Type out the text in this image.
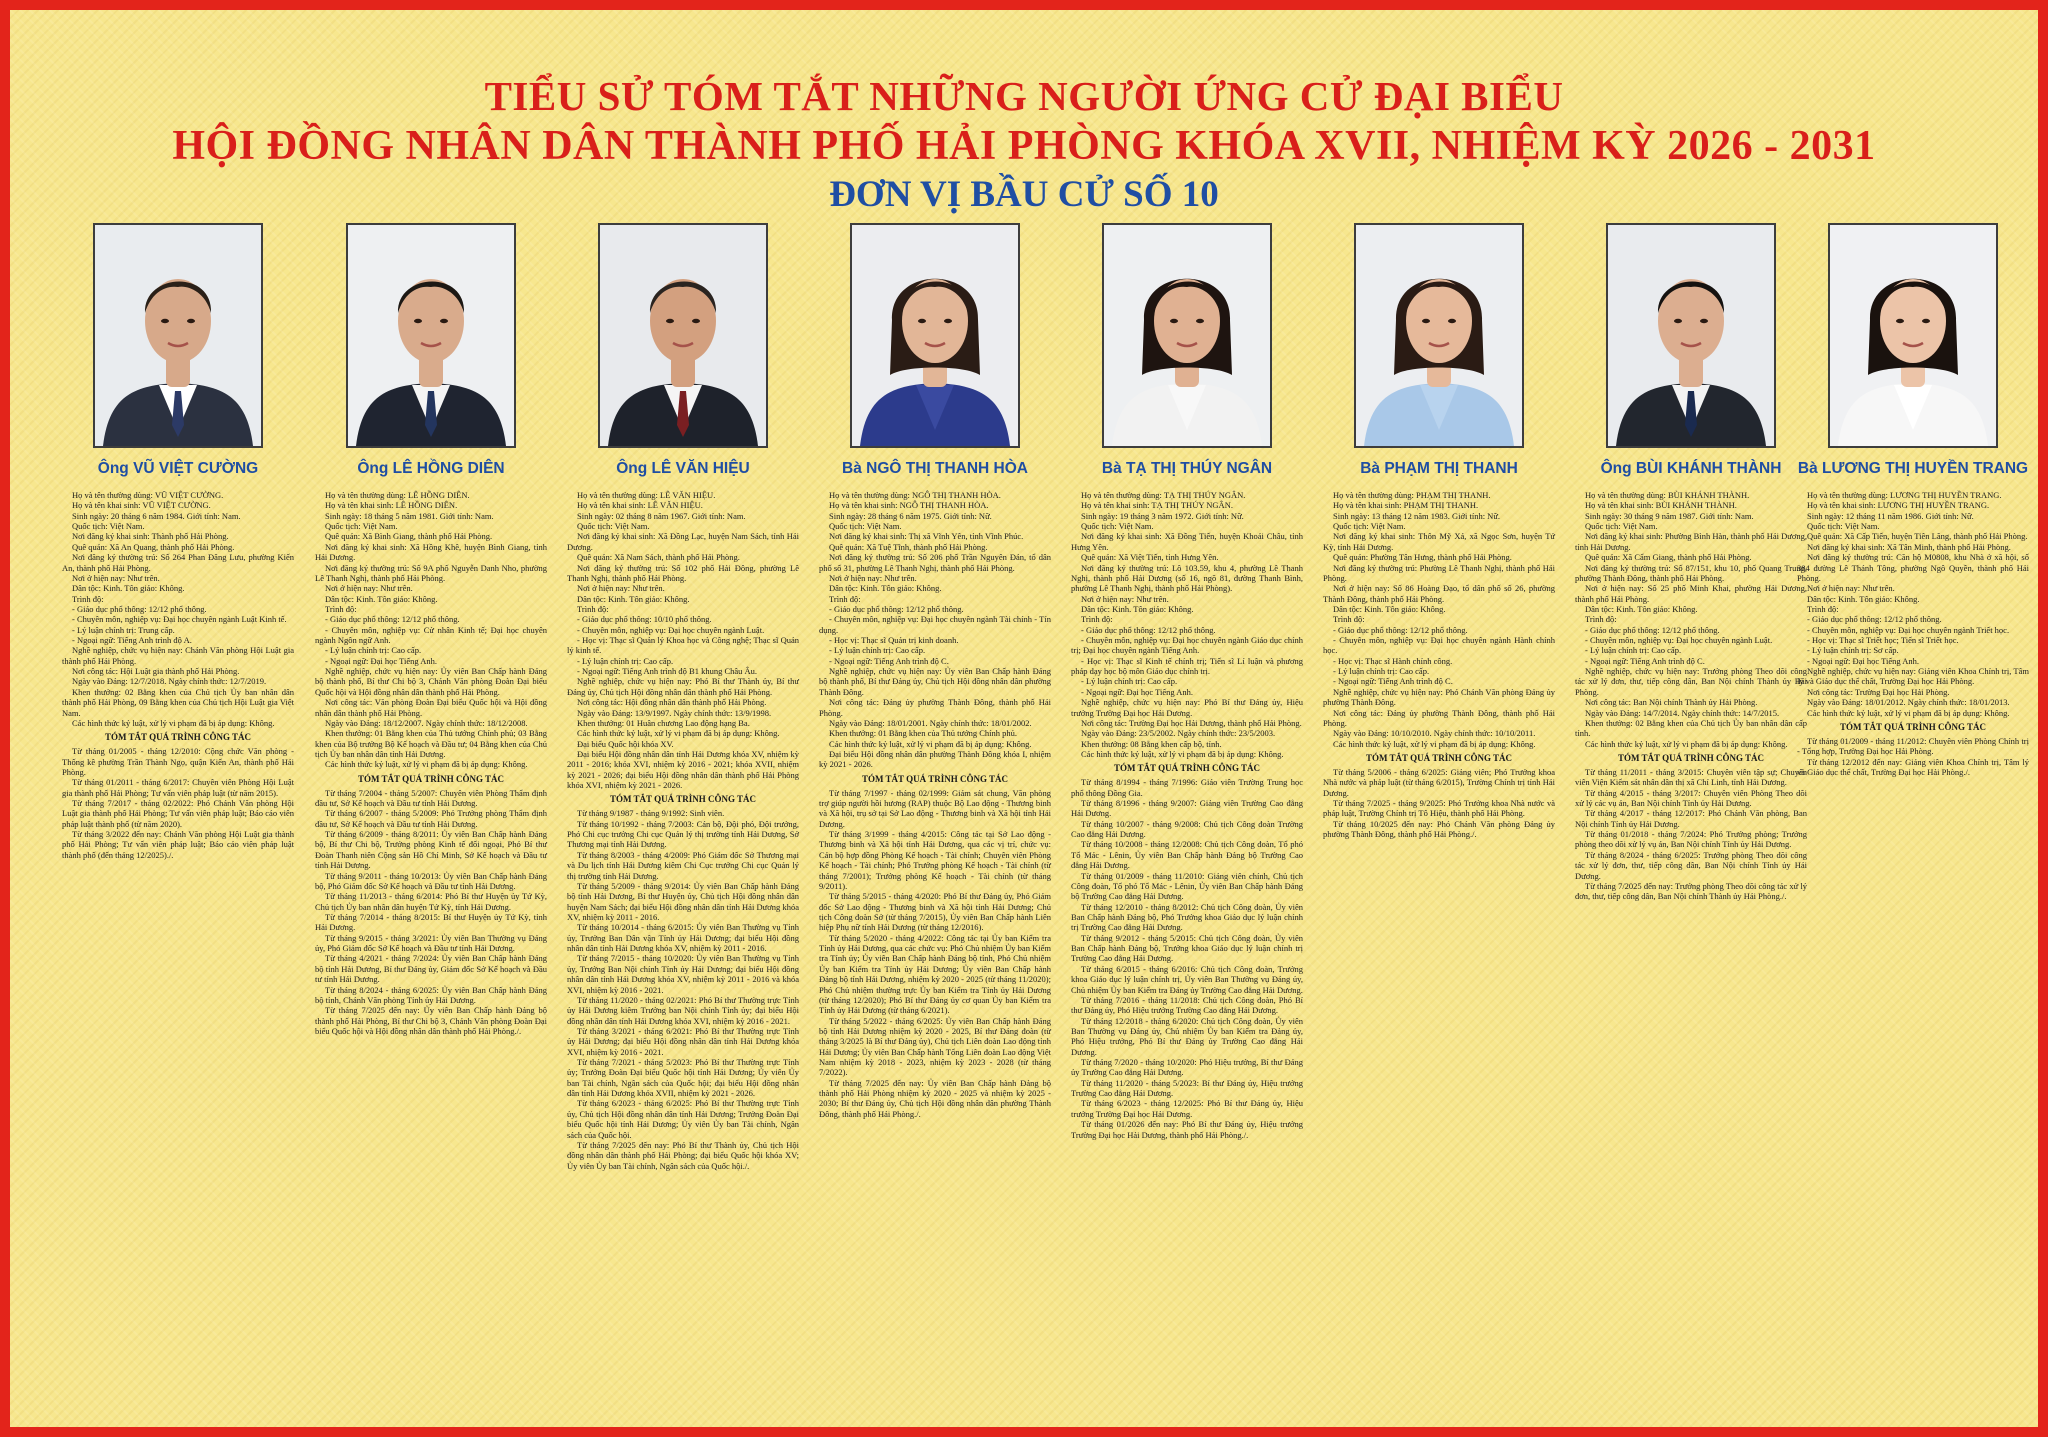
TIỂU SỬ TÓM TẮT NHỮNG NGƯỜI ỨNG CỬ ĐẠI BIỂU
HỘI ĐỒNG NHÂN DÂN THÀNH PHỐ HẢI PHÒNG KHÓA XVII, NHIỆM KỲ 2026 - 2031
ĐƠN VỊ BẦU CỬ SỐ 10
Ông VŨ VIỆT CƯỜNG

Họ và tên thường dùng: VŨ VIỆT CƯỜNG.

Họ và tên khai sinh: VŨ VIỆT CƯỜNG.

Sinh ngày: 20 tháng 6 năm 1984. Giới tính: Nam.

Quốc tịch: Việt Nam.

Nơi đăng ký khai sinh: Thành phố Hải Phòng.

Quê quán: Xã An Quang, thành phố Hải Phòng.

Nơi đăng ký thường trú: Số 264 Phan Đăng Lưu, phường Kiến An, thành phố Hải Phòng.

Nơi ở hiện nay: Như trên.

Dân tộc: Kinh. Tôn giáo: Không.

Trình độ:

- Giáo dục phổ thông: 12/12 phổ thông.

- Chuyên môn, nghiệp vụ: Đại học chuyên ngành Luật Kinh tế.

- Lý luận chính trị: Trung cấp.

- Ngoại ngữ: Tiếng Anh trình độ A.

Nghề nghiệp, chức vụ hiện nay: Chánh Văn phòng Hội Luật gia thành phố Hải Phòng.

Nơi công tác: Hội Luật gia thành phố Hải Phòng.

Ngày vào Đảng: 12/7/2018. Ngày chính thức: 12/7/2019.

Khen thưởng: 02 Bằng khen của Chủ tịch Ủy ban nhân dân thành phố Hải Phòng, 09 Bằng khen của Chủ tịch Hội Luật gia Việt Nam.

Các hình thức kỷ luật, xử lý vi phạm đã bị áp dụng: Không.

TÓM TẮT QUÁ TRÌNH CÔNG TÁC

Từ tháng 01/2005 - tháng 12/2010: Cộng chức Văn phòng - Thống kê phường Trần Thành Ngọ, quận Kiến An, thành phố Hải Phòng.

Từ tháng 01/2011 - tháng 6/2017: Chuyên viên Phòng Hội Luật gia thành phố Hải Phòng; Tư vấn viên pháp luật (từ năm 2015).

Từ tháng 7/2017 - tháng 02/2022: Phó Chánh Văn phòng Hội Luật gia thành phố Hải Phòng; Tư vấn viên pháp luật; Báo cáo viên pháp luật thành phố (từ năm 2020).

Từ tháng 3/2022 đến nay: Chánh Văn phòng Hội Luật gia thành phố Hải Phòng; Tư vấn viên pháp luật; Báo cáo viên pháp luật thành phố (đến tháng 12/2025)./.

Ông LÊ HỒNG DIÊN

Họ và tên thường dùng: LÊ HỒNG DIÊN.

Họ và tên khai sinh: LÊ HỒNG DIÊN.

Sinh ngày: 18 tháng 5 năm 1981. Giới tính: Nam.

Quốc tịch: Việt Nam.

Quê quán: Xã Bình Giang, thành phố Hải Phòng.

Nơi đăng ký khai sinh: Xã Hồng Khê, huyện Bình Giang, tỉnh Hải Dương.

Nơi đăng ký thường trú: Số 9A phố Nguyễn Danh Nho, phường Lê Thanh Nghị, thành phố Hải Phòng.

Nơi ở hiện nay: Như trên.

Dân tộc: Kinh. Tôn giáo: Không.

Trình độ:

- Giáo dục phổ thông: 12/12 phổ thông.

- Chuyên môn, nghiệp vụ: Cử nhân Kinh tế; Đại học chuyên ngành Ngôn ngữ Anh.

- Lý luận chính trị: Cao cấp.

- Ngoại ngữ: Đại học Tiếng Anh.

Nghề nghiệp, chức vụ hiện nay: Ủy viên Ban Chấp hành Đảng bộ thành phố, Bí thư Chi bộ 3, Chánh Văn phòng Đoàn Đại biểu Quốc hội và Hội đồng nhân dân thành phố Hải Phòng.

Nơi công tác: Văn phòng Đoàn Đại biểu Quốc hội và Hội đồng nhân dân thành phố Hải Phòng.

Ngày vào Đảng: 18/12/2007. Ngày chính thức: 18/12/2008.

Khen thưởng: 01 Bằng khen của Thủ tướng Chính phủ; 03 Bằng khen của Bộ trưởng Bộ Kế hoạch và Đầu tư; 04 Bằng khen của Chủ tịch Ủy ban nhân dân tỉnh Hải Dương.

Các hình thức kỷ luật, xử lý vi phạm đã bị áp dụng: Không.

TÓM TẮT QUÁ TRÌNH CÔNG TÁC

Từ tháng 7/2004 - tháng 5/2007: Chuyên viên Phòng Thẩm định đầu tư, Sở Kế hoạch và Đầu tư tỉnh Hải Dương.

Từ tháng 6/2007 - tháng 5/2009: Phó Trưởng phòng Thẩm định đầu tư, Sở Kế hoạch và Đầu tư tỉnh Hải Dương.

Từ tháng 6/2009 - tháng 8/2011: Ủy viên Ban Chấp hành Đảng bộ, Bí thư Chi bộ, Trưởng phòng Kinh tế đối ngoại, Phó Bí thư Đoàn Thanh niên Cộng sản Hồ Chí Minh, Sở Kế hoạch và Đầu tư tỉnh Hải Dương.

Từ tháng 9/2011 - tháng 10/2013: Ủy viên Ban Chấp hành Đảng bộ, Phó Giám đốc Sở Kế hoạch và Đầu tư tỉnh Hải Dương.

Từ tháng 11/2013 - tháng 6/2014: Phó Bí thư Huyện ủy Tứ Kỳ, Chủ tịch Ủy ban nhân dân huyện Tứ Kỳ, tỉnh Hải Dương.

Từ tháng 7/2014 - tháng 8/2015: Bí thư Huyện ủy Tứ Kỳ, tỉnh Hải Dương.

Từ tháng 9/2015 - tháng 3/2021: Ủy viên Ban Thường vụ Đảng ủy, Phó Giám đốc Sở Kế hoạch và Đầu tư tỉnh Hải Dương.

Từ tháng 4/2021 - tháng 7/2024: Ủy viên Ban Chấp hành Đảng bộ tỉnh Hải Dương, Bí thư Đảng ủy, Giám đốc Sở Kế hoạch và Đầu tư tỉnh Hải Dương.

Từ tháng 8/2024 - tháng 6/2025: Ủy viên Ban Chấp hành Đảng bộ tỉnh, Chánh Văn phòng Tỉnh ủy Hải Dương.

Từ tháng 7/2025 đến nay: Ủy viên Ban Chấp hành Đảng bộ thành phố Hải Phòng, Bí thư Chi bộ 3, Chánh Văn phòng Đoàn Đại biểu Quốc hội và Hội đồng nhân dân thành phố Hải Phòng./.

Ông LÊ VĂN HIỆU

Họ và tên thường dùng: LÊ VĂN HIỆU.

Họ và tên khai sinh: LÊ VĂN HIỆU.

Sinh ngày: 02 tháng 8 năm 1967. Giới tính: Nam.

Quốc tịch: Việt Nam.

Nơi đăng ký khai sinh: Xã Đồng Lạc, huyện Nam Sách, tỉnh Hải Dương.

Quê quán: Xã Nam Sách, thành phố Hải Phòng.

Nơi đăng ký thường trú: Số 102 phố Hải Đông, phường Lê Thanh Nghị, thành phố Hải Phòng.

Nơi ở hiện nay: Như trên.

Dân tộc: Kinh. Tôn giáo: Không.

Trình độ:

- Giáo dục phổ thông: 10/10 phổ thông.

- Chuyên môn, nghiệp vụ: Đại học chuyên ngành Luật.

- Học vị: Thạc sĩ Quản lý Khoa học và Công nghệ; Thạc sĩ Quản lý kinh tế.

- Lý luận chính trị: Cao cấp.

- Ngoại ngữ: Tiếng Anh trình độ B1 khung Châu Âu.

Nghề nghiệp, chức vụ hiện nay: Phó Bí thư Thành ủy, Bí thư Đảng ủy, Chủ tịch Hội đồng nhân dân thành phố Hải Phòng.

Nơi công tác: Hội đồng nhân dân thành phố Hải Phòng.

Ngày vào Đảng: 13/9/1997. Ngày chính thức: 13/9/1998.

Khen thưởng: 01 Huân chương Lao động hạng Ba.

Các hình thức kỷ luật, xử lý vi phạm đã bị áp dụng: Không.

Đại biểu Quốc hội khóa XV.

Đại biểu Hội đồng nhân dân tỉnh Hải Dương khóa XV, nhiệm kỳ 2011 - 2016; khóa XVI, nhiệm kỳ 2016 - 2021; khóa XVII, nhiệm kỳ 2021 - 2026; đại biểu Hội đồng nhân dân thành phố Hải Phòng khóa XVI, nhiệm kỳ 2021 - 2026.

TÓM TẮT QUÁ TRÌNH CÔNG TÁC

Từ tháng 9/1987 - tháng 9/1992: Sinh viên.

Từ tháng 10/1992 - tháng 7/2003: Cán bộ, Đội phó, Đội trưởng, Phó Chi cục trưởng Chi cục Quản lý thị trường tỉnh Hải Dương, Sở Thương mại tỉnh Hải Dương.

Từ tháng 8/2003 - tháng 4/2009: Phó Giám đốc Sở Thương mại và Du lịch tỉnh Hải Dương kiêm Chi Cục trưởng Chi cục Quản lý thị trường tỉnh Hải Dương.

Từ tháng 5/2009 - tháng 9/2014: Ủy viên Ban Chấp hành Đảng bộ tỉnh Hải Dương, Bí thư Huyện ủy, Chủ tịch Hội đồng nhân dân huyện Nam Sách; đại biểu Hội đồng nhân dân tỉnh Hải Dương khóa XV, nhiệm kỳ 2011 - 2016.

Từ tháng 10/2014 - tháng 6/2015: Ủy viên Ban Thường vụ Tỉnh ủy, Trưởng Ban Dân vận Tỉnh ủy Hải Dương; đại biểu Hội đồng nhân dân tỉnh Hải Dương khóa XV, nhiệm kỳ 2011 - 2016.

Từ tháng 7/2015 - tháng 10/2020: Ủy viên Ban Thường vụ Tỉnh ủy, Trưởng Ban Nội chính Tỉnh ủy Hải Dương; đại biểu Hội đồng nhân dân tỉnh Hải Dương khóa XV, nhiệm kỳ 2011 - 2016 và khóa XVI, nhiệm kỳ 2016 - 2021.

Từ tháng 11/2020 - tháng 02/2021: Phó Bí thư Thường trực Tỉnh ủy Hải Dương kiêm Trưởng ban Nội chính Tỉnh ủy; đại biểu Hội đồng nhân dân tỉnh Hải Dương khóa XVI, nhiệm kỳ 2016 - 2021.

Từ tháng 3/2021 - tháng 6/2021: Phó Bí thư Thường trực Tỉnh ủy Hải Dương; đại biểu Hội đồng nhân dân tỉnh Hải Dương khóa XVI, nhiệm kỳ 2016 - 2021.

Từ tháng 7/2021 - tháng 5/2023: Phó Bí thư Thường trực Tỉnh ủy; Trưởng Đoàn Đại biểu Quốc hội tỉnh Hải Dương; Ủy viên Ủy ban Tài chính, Ngân sách của Quốc hội; đại biểu Hội đồng nhân dân tỉnh Hải Dương khóa XVII, nhiệm kỳ 2021 - 2026.

Từ tháng 6/2023 - tháng 6/2025: Phó Bí thư Thường trực Tỉnh ủy, Chủ tịch Hội đồng nhân dân tỉnh Hải Dương; Trưởng Đoàn Đại biểu Quốc hội tỉnh Hải Dương; Ủy viên Ủy ban Tài chính, Ngân sách của Quốc hội.

Từ tháng 7/2025 đến nay: Phó Bí thư Thành ủy, Chủ tịch Hội đồng nhân dân thành phố Hải Phòng; đại biểu Quốc hội khóa XV; Ủy viên Ủy ban Tài chính, Ngân sách của Quốc hội./.

Bà NGÔ THỊ THANH HÒA

Họ và tên thường dùng: NGÔ THỊ THANH HÒA.

Họ và tên khai sinh: NGÔ THỊ THANH HÒA.

Sinh ngày: 28 tháng 6 năm 1975. Giới tính: Nữ.

Quốc tịch: Việt Nam.

Nơi đăng ký khai sinh: Thị xã Vĩnh Yên, tỉnh Vĩnh Phúc.

Quê quán: Xã Tuệ Tĩnh, thành phố Hải Phòng.

Nơi đăng ký thường trú: Số 206 phố Trần Nguyên Đán, tổ dân phố số 31, phường Lê Thanh Nghị, thành phố Hải Phòng.

Nơi ở hiện nay: Như trên.

Dân tộc: Kinh. Tôn giáo: Không.

Trình độ:

- Giáo dục phổ thông: 12/12 phổ thông.

- Chuyên môn, nghiệp vụ: Đại học chuyên ngành Tài chính - Tín dụng.

- Học vị: Thạc sĩ Quản trị kinh doanh.

- Lý luận chính trị: Cao cấp.

- Ngoại ngữ: Tiếng Anh trình độ C.

Nghề nghiệp, chức vụ hiện nay: Ủy viên Ban Chấp hành Đảng bộ thành phố, Bí thư Đảng ủy, Chủ tịch Hội đồng nhân dân phường Thành Đông.

Nơi công tác: Đảng ủy phường Thành Đông, thành phố Hải Phòng.

Ngày vào Đảng: 18/01/2001. Ngày chính thức: 18/01/2002.

Khen thưởng: 01 Bằng khen của Thủ tướng Chính phủ.

Các hình thức kỷ luật, xử lý vi phạm đã bị áp dụng: Không.

Đại biểu Hội đồng nhân dân phường Thành Đông khóa I, nhiệm kỳ 2021 - 2026.

TÓM TẮT QUÁ TRÌNH CÔNG TÁC

Từ tháng 7/1997 - tháng 02/1999: Giám sát chung, Văn phòng trợ giúp người hồi hương (RAP) thuộc Bộ Lao động - Thương binh và Xã hội, trụ sở tại Sở Lao động - Thương binh và Xã hội tỉnh Hải Dương.

Từ tháng 3/1999 - tháng 4/2015: Công tác tại Sở Lao động - Thương binh và Xã hội tỉnh Hải Dương, qua các vị trí, chức vụ: Cán bộ hợp đồng Phòng Kế hoạch - Tài chính; Chuyên viên Phòng Kế hoạch - Tài chính; Phó Trưởng phòng Kế hoạch - Tài chính (từ tháng 7/2001); Trưởng phòng Kế hoạch - Tài chính (từ tháng 9/2011).

Từ tháng 5/2015 - tháng 4/2020: Phó Bí thư Đảng ủy, Phó Giám đốc Sở Lao động - Thương binh và Xã hội tỉnh Hải Dương; Chủ tịch Công đoàn Sở (từ tháng 7/2015), Ủy viên Ban Chấp hành Liên hiệp Phụ nữ tỉnh Hải Dương (từ tháng 12/2016).

Từ tháng 5/2020 - tháng 4/2022: Công tác tại Ủy ban Kiểm tra Tỉnh ủy Hải Dương, qua các chức vụ: Phó Chủ nhiệm Ủy ban Kiểm tra Tỉnh ủy; Ủy viên Ban Chấp hành Đảng bộ tỉnh, Phó Chủ nhiệm Ủy ban Kiểm tra Tỉnh ủy Hải Dương; Ủy viên Ban Chấp hành Đảng bộ tỉnh Hải Dương, nhiệm kỳ 2020 - 2025 (từ tháng 11/2020); Phó Chủ nhiệm thường trực Ủy ban Kiểm tra Tỉnh ủy Hải Dương (từ tháng 12/2020); Phó Bí thư Đảng ủy cơ quan Ủy ban Kiểm tra Tỉnh ủy Hải Dương (từ tháng 6/2021).

Từ tháng 5/2022 - tháng 6/2025: Ủy viên Ban Chấp hành Đảng bộ tỉnh Hải Dương nhiệm kỳ 2020 - 2025, Bí thư Đảng đoàn (từ tháng 3/2025 là Bí thư Đảng ủy), Chủ tịch Liên đoàn Lao động tỉnh Hải Dương; Ủy viên Ban Chấp hành Tổng Liên đoàn Lao động Việt Nam nhiệm kỳ 2018 - 2023, nhiệm kỳ 2023 - 2028 (từ tháng 7/2022).

Từ tháng 7/2025 đến nay: Ủy viên Ban Chấp hành Đảng bộ thành phố Hải Phòng nhiệm kỳ 2020 - 2025 và nhiệm kỳ 2025 - 2030; Bí thư Đảng ủy, Chủ tịch Hội đồng nhân dân phường Thành Đông, thành phố Hải Phòng./.

Bà TẠ THỊ THÚY NGÂN

Họ và tên thường dùng: TẠ THỊ THÚY NGÂN.

Họ và tên khai sinh: TẠ THỊ THÚY NGÂN.

Sinh ngày: 19 tháng 3 năm 1972. Giới tính: Nữ.

Quốc tịch: Việt Nam.

Nơi đăng ký khai sinh: Xã Đồng Tiến, huyện Khoái Châu, tỉnh Hưng Yên.

Quê quán: Xã Việt Tiến, tỉnh Hưng Yên.

Nơi đăng ký thường trú: Lô 103.59, khu 4, phường Lê Thanh Nghị, thành phố Hải Dương (số 16, ngõ 81, đường Thanh Bình, phường Lê Thanh Nghị, thành phố Hải Phòng).

Nơi ở hiện nay: Như trên.

Dân tộc: Kinh. Tôn giáo: Không.

Trình độ:

- Giáo dục phổ thông: 12/12 phổ thông.

- Chuyên môn, nghiệp vụ: Đại học chuyên ngành Giáo dục chính trị; Đại học chuyên ngành Tiếng Anh.

- Học vị: Thạc sĩ Kinh tế chính trị; Tiến sĩ Lí luận và phương pháp dạy học bộ môn Giáo dục chính trị.

- Lý luận chính trị: Cao cấp.

- Ngoại ngữ: Đại học Tiếng Anh.

Nghề nghiệp, chức vụ hiện nay: Phó Bí thư Đảng ủy, Hiệu trưởng Trường Đại học Hải Dương.

Nơi công tác: Trường Đại học Hải Dương, thành phố Hải Phòng.

Ngày vào Đảng: 23/5/2002. Ngày chính thức: 23/5/2003.

Khen thưởng: 08 Bằng khen cấp bộ, tỉnh.

Các hình thức kỷ luật, xử lý vi phạm đã bị áp dụng: Không.

TÓM TẮT QUÁ TRÌNH CÔNG TÁC

Từ tháng 8/1994 - tháng 7/1996: Giáo viên Trường Trung học phổ thông Đồng Gia.

Từ tháng 8/1996 - tháng 9/2007: Giảng viên Trường Cao đẳng Hải Dương.

Từ tháng 10/2007 - tháng 9/2008: Chủ tịch Công đoàn Trường Cao đẳng Hải Dương.

Từ tháng 10/2008 - tháng 12/2008: Chủ tịch Công đoàn, Tổ phó Tổ Mác - Lênin, Ủy viên Ban Chấp hành Đảng bộ Trường Cao đẳng Hải Dương.

Từ tháng 01/2009 - tháng 11/2010: Giảng viên chính, Chủ tịch Công đoàn, Tổ phó Tổ Mác - Lênin, Ủy viên Ban Chấp hành Đảng bộ Trường Cao đẳng Hải Dương.

Từ tháng 12/2010 - tháng 8/2012: Chủ tịch Công đoàn, Ủy viên Ban Chấp hành Đảng bộ, Phó Trưởng khoa Giáo dục lý luận chính trị Trường Cao đẳng Hải Dương.

Từ tháng 9/2012 - tháng 5/2015: Chủ tịch Công đoàn, Ủy viên Ban Chấp hành Đảng bộ, Trưởng khoa Giáo dục lý luận chính trị Trường Cao đẳng Hải Dương.

Từ tháng 6/2015 - tháng 6/2016: Chủ tịch Công đoàn, Trưởng khoa Giáo dục lý luận chính trị, Ủy viên Ban Thường vụ Đảng ủy, Chủ nhiệm Ủy ban Kiểm tra Đảng ủy Trường Cao đẳng Hải Dương.

Từ tháng 7/2016 - tháng 11/2018: Chủ tịch Công đoàn, Phó Bí thư Đảng ủy, Phó Hiệu trưởng Trường Cao đẳng Hải Dương.

Từ tháng 12/2018 - tháng 6/2020: Chủ tịch Công đoàn, Ủy viên Ban Thường vụ Đảng ủy, Chủ nhiệm Ủy ban Kiểm tra Đảng ủy, Phó Hiệu trưởng, Phó Bí thư Đảng ủy Trường Cao đẳng Hải Dương.

Từ tháng 7/2020 - tháng 10/2020: Phó Hiệu trưởng, Bí thư Đảng ủy Trường Cao đẳng Hải Dương.

Từ tháng 11/2020 - tháng 5/2023: Bí thư Đảng ủy, Hiệu trưởng Trường Cao đẳng Hải Dương.

Từ tháng 6/2023 - tháng 12/2025: Phó Bí thư Đảng ủy, Hiệu trưởng Trường Đại học Hải Dương.

Từ tháng 01/2026 đến nay: Phó Bí thư Đảng ủy, Hiệu trưởng Trường Đại học Hải Dương, thành phố Hải Phòng./.

Bà PHẠM THỊ THANH

Họ và tên thường dùng: PHẠM THỊ THANH.

Họ và tên khai sinh: PHẠM THỊ THANH.

Sinh ngày: 13 tháng 12 năm 1983. Giới tính: Nữ.

Quốc tịch: Việt Nam.

Nơi đăng ký khai sinh: Thôn Mỹ Xá, xã Ngọc Sơn, huyện Tứ Kỳ, tỉnh Hải Dương.

Quê quán: Phường Tân Hưng, thành phố Hải Phòng.

Nơi đăng ký thường trú: Phường Lê Thanh Nghị, thành phố Hải Phòng.

Nơi ở hiện nay: Số 86 Hoàng Đạo, tổ dân phố số 26, phường Thành Đông, thành phố Hải Phòng.

Dân tộc: Kinh. Tôn giáo: Không.

Trình độ:

- Giáo dục phổ thông: 12/12 phổ thông.

- Chuyên môn, nghiệp vụ: Đại học chuyên ngành Hành chính học.

- Học vị: Thạc sĩ Hành chính công.

- Lý luận chính trị: Cao cấp.

- Ngoại ngữ: Tiếng Anh trình độ C.

Nghề nghiệp, chức vụ hiện nay: Phó Chánh Văn phòng Đảng ủy phường Thành Đông.

Nơi công tác: Đảng ủy phường Thành Đông, thành phố Hải Phòng.

Ngày vào Đảng: 10/10/2010. Ngày chính thức: 10/10/2011.

Các hình thức kỷ luật, xử lý vi phạm đã bị áp dụng: Không.

TÓM TẮT QUÁ TRÌNH CÔNG TÁC

Từ tháng 5/2006 - tháng 6/2025: Giảng viên; Phó Trưởng khoa Nhà nước và pháp luật (từ tháng 6/2015), Trường Chính trị tỉnh Hải Dương.

Từ tháng 7/2025 - tháng 9/2025: Phó Trưởng khoa Nhà nước và pháp luật, Trường Chính trị Tô Hiệu, thành phố Hải Phòng.

Từ tháng 10/2025 đến nay: Phó Chánh Văn phòng Đảng ủy phường Thành Đông, thành phố Hải Phòng./.

Ông BÙI KHÁNH THÀNH

Họ và tên thường dùng: BÙI KHÁNH THÀNH.

Họ và tên khai sinh: BÙI KHÁNH THÀNH.

Sinh ngày: 30 tháng 9 năm 1987. Giới tính: Nam.

Quốc tịch: Việt Nam.

Nơi đăng ký khai sinh: Phường Bình Hàn, thành phố Hải Dương, tỉnh Hải Dương.

Quê quán: Xã Cẩm Giang, thành phố Hải Phòng.

Nơi đăng ký thường trú: Số 87/151, khu 10, phố Quang Trung, phường Thành Đông, thành phố Hải Phòng.

Nơi ở hiện nay: Số 25 phố Minh Khai, phường Hải Dương, thành phố Hải Phòng.

Dân tộc: Kinh. Tôn giáo: Không.

Trình độ:

- Giáo dục phổ thông: 12/12 phổ thông.

- Chuyên môn, nghiệp vụ: Đại học chuyên ngành Luật.

- Lý luận chính trị: Cao cấp.

- Ngoại ngữ: Tiếng Anh trình độ C.

Nghề nghiệp, chức vụ hiện nay: Trưởng phòng Theo dõi công tác xử lý đơn, thư, tiếp công dân, Ban Nội chính Thành ủy Hải Phòng.

Nơi công tác: Ban Nội chính Thành ủy Hải Phòng.

Ngày vào Đảng: 14/7/2014. Ngày chính thức: 14/7/2015.

Khen thưởng: 02 Bằng khen của Chủ tịch Ủy ban nhân dân cấp tỉnh.

Các hình thức kỷ luật, xử lý vi phạm đã bị áp dụng: Không.

TÓM TẮT QUÁ TRÌNH CÔNG TÁC

Từ tháng 11/2011 - tháng 3/2015: Chuyên viên tập sự; Chuyên viên Viện Kiểm sát nhân dân thị xã Chí Linh, tỉnh Hải Dương.

Từ tháng 4/2015 - tháng 3/2017: Chuyên viên Phòng Theo dõi xử lý các vụ án, Ban Nội chính Tỉnh ủy Hải Dương.

Từ tháng 4/2017 - tháng 12/2017: Phó Chánh Văn phòng, Ban Nội chính Tỉnh ủy Hải Dương.

Từ tháng 01/2018 - tháng 7/2024: Phó Trưởng phòng; Trưởng phòng theo dõi xử lý vụ án, Ban Nội chính Tỉnh ủy Hải Dương.

Từ tháng 8/2024 - tháng 6/2025: Trưởng phòng Theo dõi công tác xử lý đơn, thư, tiếp công dân, Ban Nội chính Tỉnh ủy Hải Dương.

Từ tháng 7/2025 đến nay: Trưởng phòng Theo dõi công tác xử lý đơn, thư, tiếp công dân, Ban Nội chính Thành ủy Hải Phòng./.

Bà LƯƠNG THỊ HUYỀN TRANG

Họ và tên thường dùng: LƯƠNG THỊ HUYỀN TRANG.

Họ và tên khai sinh: LƯƠNG THỊ HUYỀN TRANG.

Sinh ngày: 12 tháng 11 năm 1986. Giới tính: Nữ.

Quốc tịch: Việt Nam.

Quê quán: Xã Cấp Tiến, huyện Tiên Lãng, thành phố Hải Phòng.

Nơi đăng ký khai sinh: Xã Tân Minh, thành phố Hải Phòng.

Nơi đăng ký thường trú: Căn hộ M0808, khu Nhà ở xã hội, số 384 đường Lê Thánh Tông, phường Ngô Quyền, thành phố Hải Phòng.

Nơi ở hiện nay: Như trên.

Dân tộc: Kinh. Tôn giáo: Không.

Trình độ:

- Giáo dục phổ thông: 12/12 phổ thông.

- Chuyên môn, nghiệp vụ: Đại học chuyên ngành Triết học.

- Học vị: Thạc sĩ Triết học; Tiến sĩ Triết học.

- Lý luận chính trị: Sơ cấp.

- Ngoại ngữ: Đại học Tiếng Anh.

Nghề nghiệp, chức vụ hiện nay: Giảng viên Khoa Chính trị, Tâm lý và Giáo dục thể chất, Trường Đại học Hải Phòng.

Nơi công tác: Trường Đại học Hải Phòng.

Ngày vào Đảng: 18/01/2012. Ngày chính thức: 18/01/2013.

Các hình thức kỷ luật, xử lý vi phạm đã bị áp dụng: Không.

TÓM TẮT QUÁ TRÌNH CÔNG TÁC

Từ tháng 01/2009 - tháng 11/2012: Chuyên viên Phòng Chính trị - Tổng hợp, Trường Đại học Hải Phòng.

Từ tháng 12/2012 đến nay: Giảng viên Khoa Chính trị, Tâm lý và Giáo dục thể chất, Trường Đại học Hải Phòng./.
